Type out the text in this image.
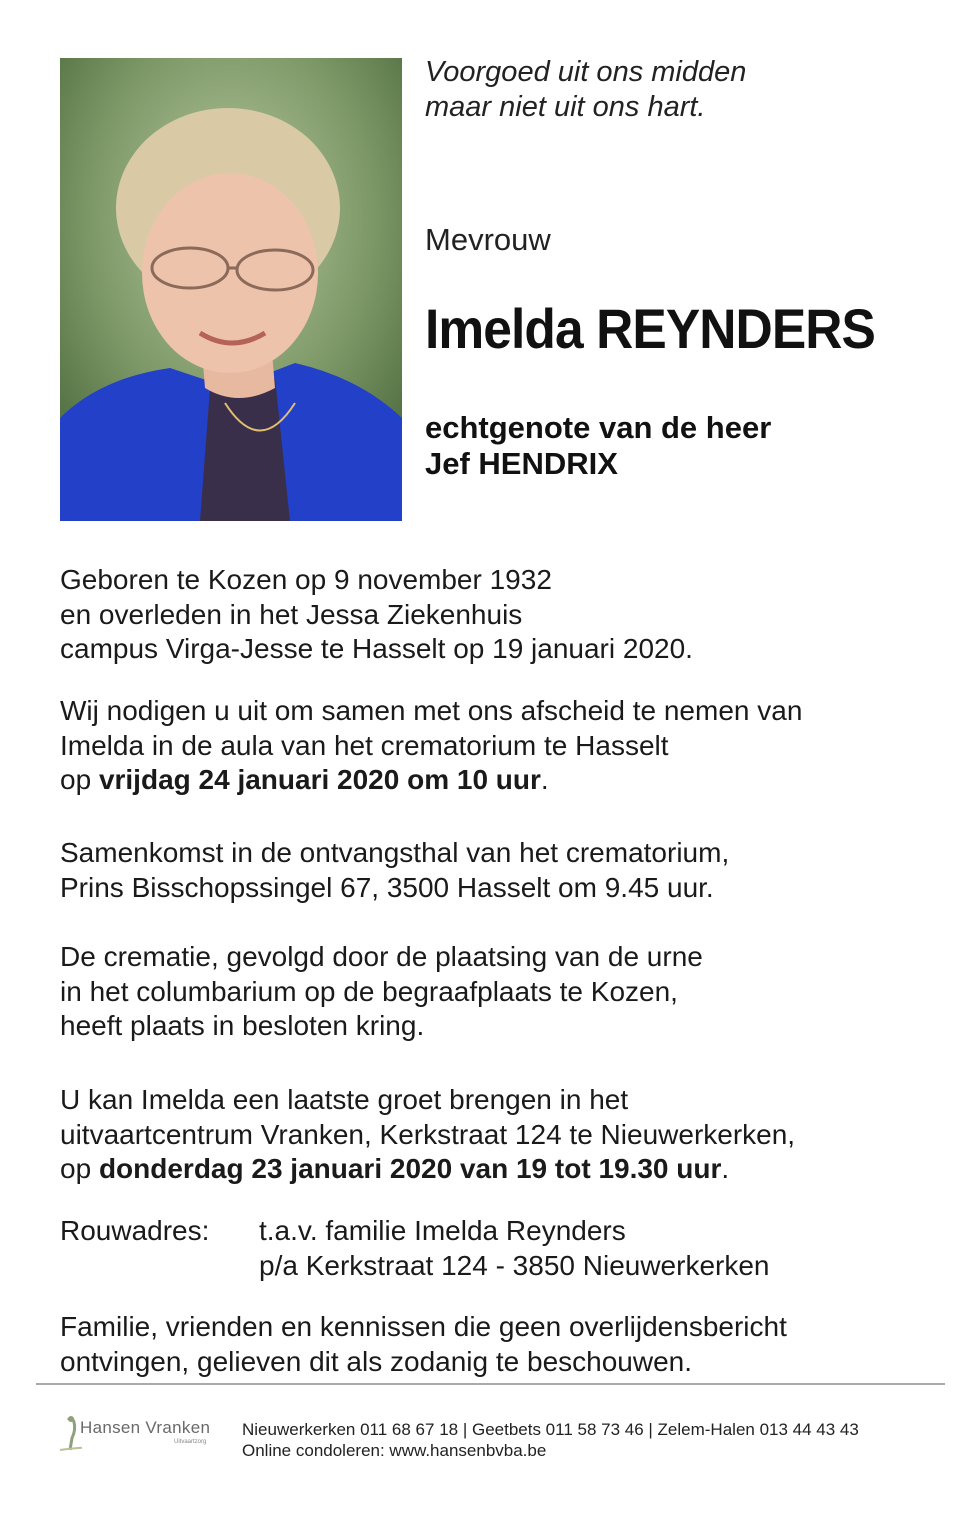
Voorgoed uit ons midden
maar niet uit ons hart.
Mevrouw
Imelda REYNDERS
echtgenote van de heer
Jef HENDRIX
Geboren te Kozen op 9 november 1932
en overleden in het Jessa Ziekenhuis
campus Virga-Jesse te Hasselt op 19 januari 2020.
Wij nodigen u uit om samen met ons afscheid te nemen van
Imelda in de aula van het crematorium te Hasselt
op vrijdag 24 januari 2020 om 10 uur.
Samenkomst in de ontvangsthal van het crematorium,
Prins Bisschopssingel 67, 3500 Hasselt om 9.45 uur.
De crematie, gevolgd door de plaatsing van de urne
in het columbarium op de begraafplaats te Kozen,
heeft plaats in besloten kring.
U kan Imelda een laatste groet brengen in het
uitvaartcentrum Vranken, Kerkstraat 124 te Nieuwerkerken,
op donderdag 23 januari 2020 van 19 tot 19.30 uur.
Rouwadres: t.a.v. familie Imelda Reynders
p/a Kerkstraat 124 - 3850 Nieuwerkerken
Familie, vrienden en kennissen die geen overlijdensbericht
ontvingen, gelieven dit als zodanig te beschouwen.
Hansen Vranken
Uitvaartzorg
Nieuwerkerken 011 68 67 18 | Geetbets 011 58 73 46 | Zelem-Halen 013 44 43 43
Online condoleren: www.hansenbvba.be
